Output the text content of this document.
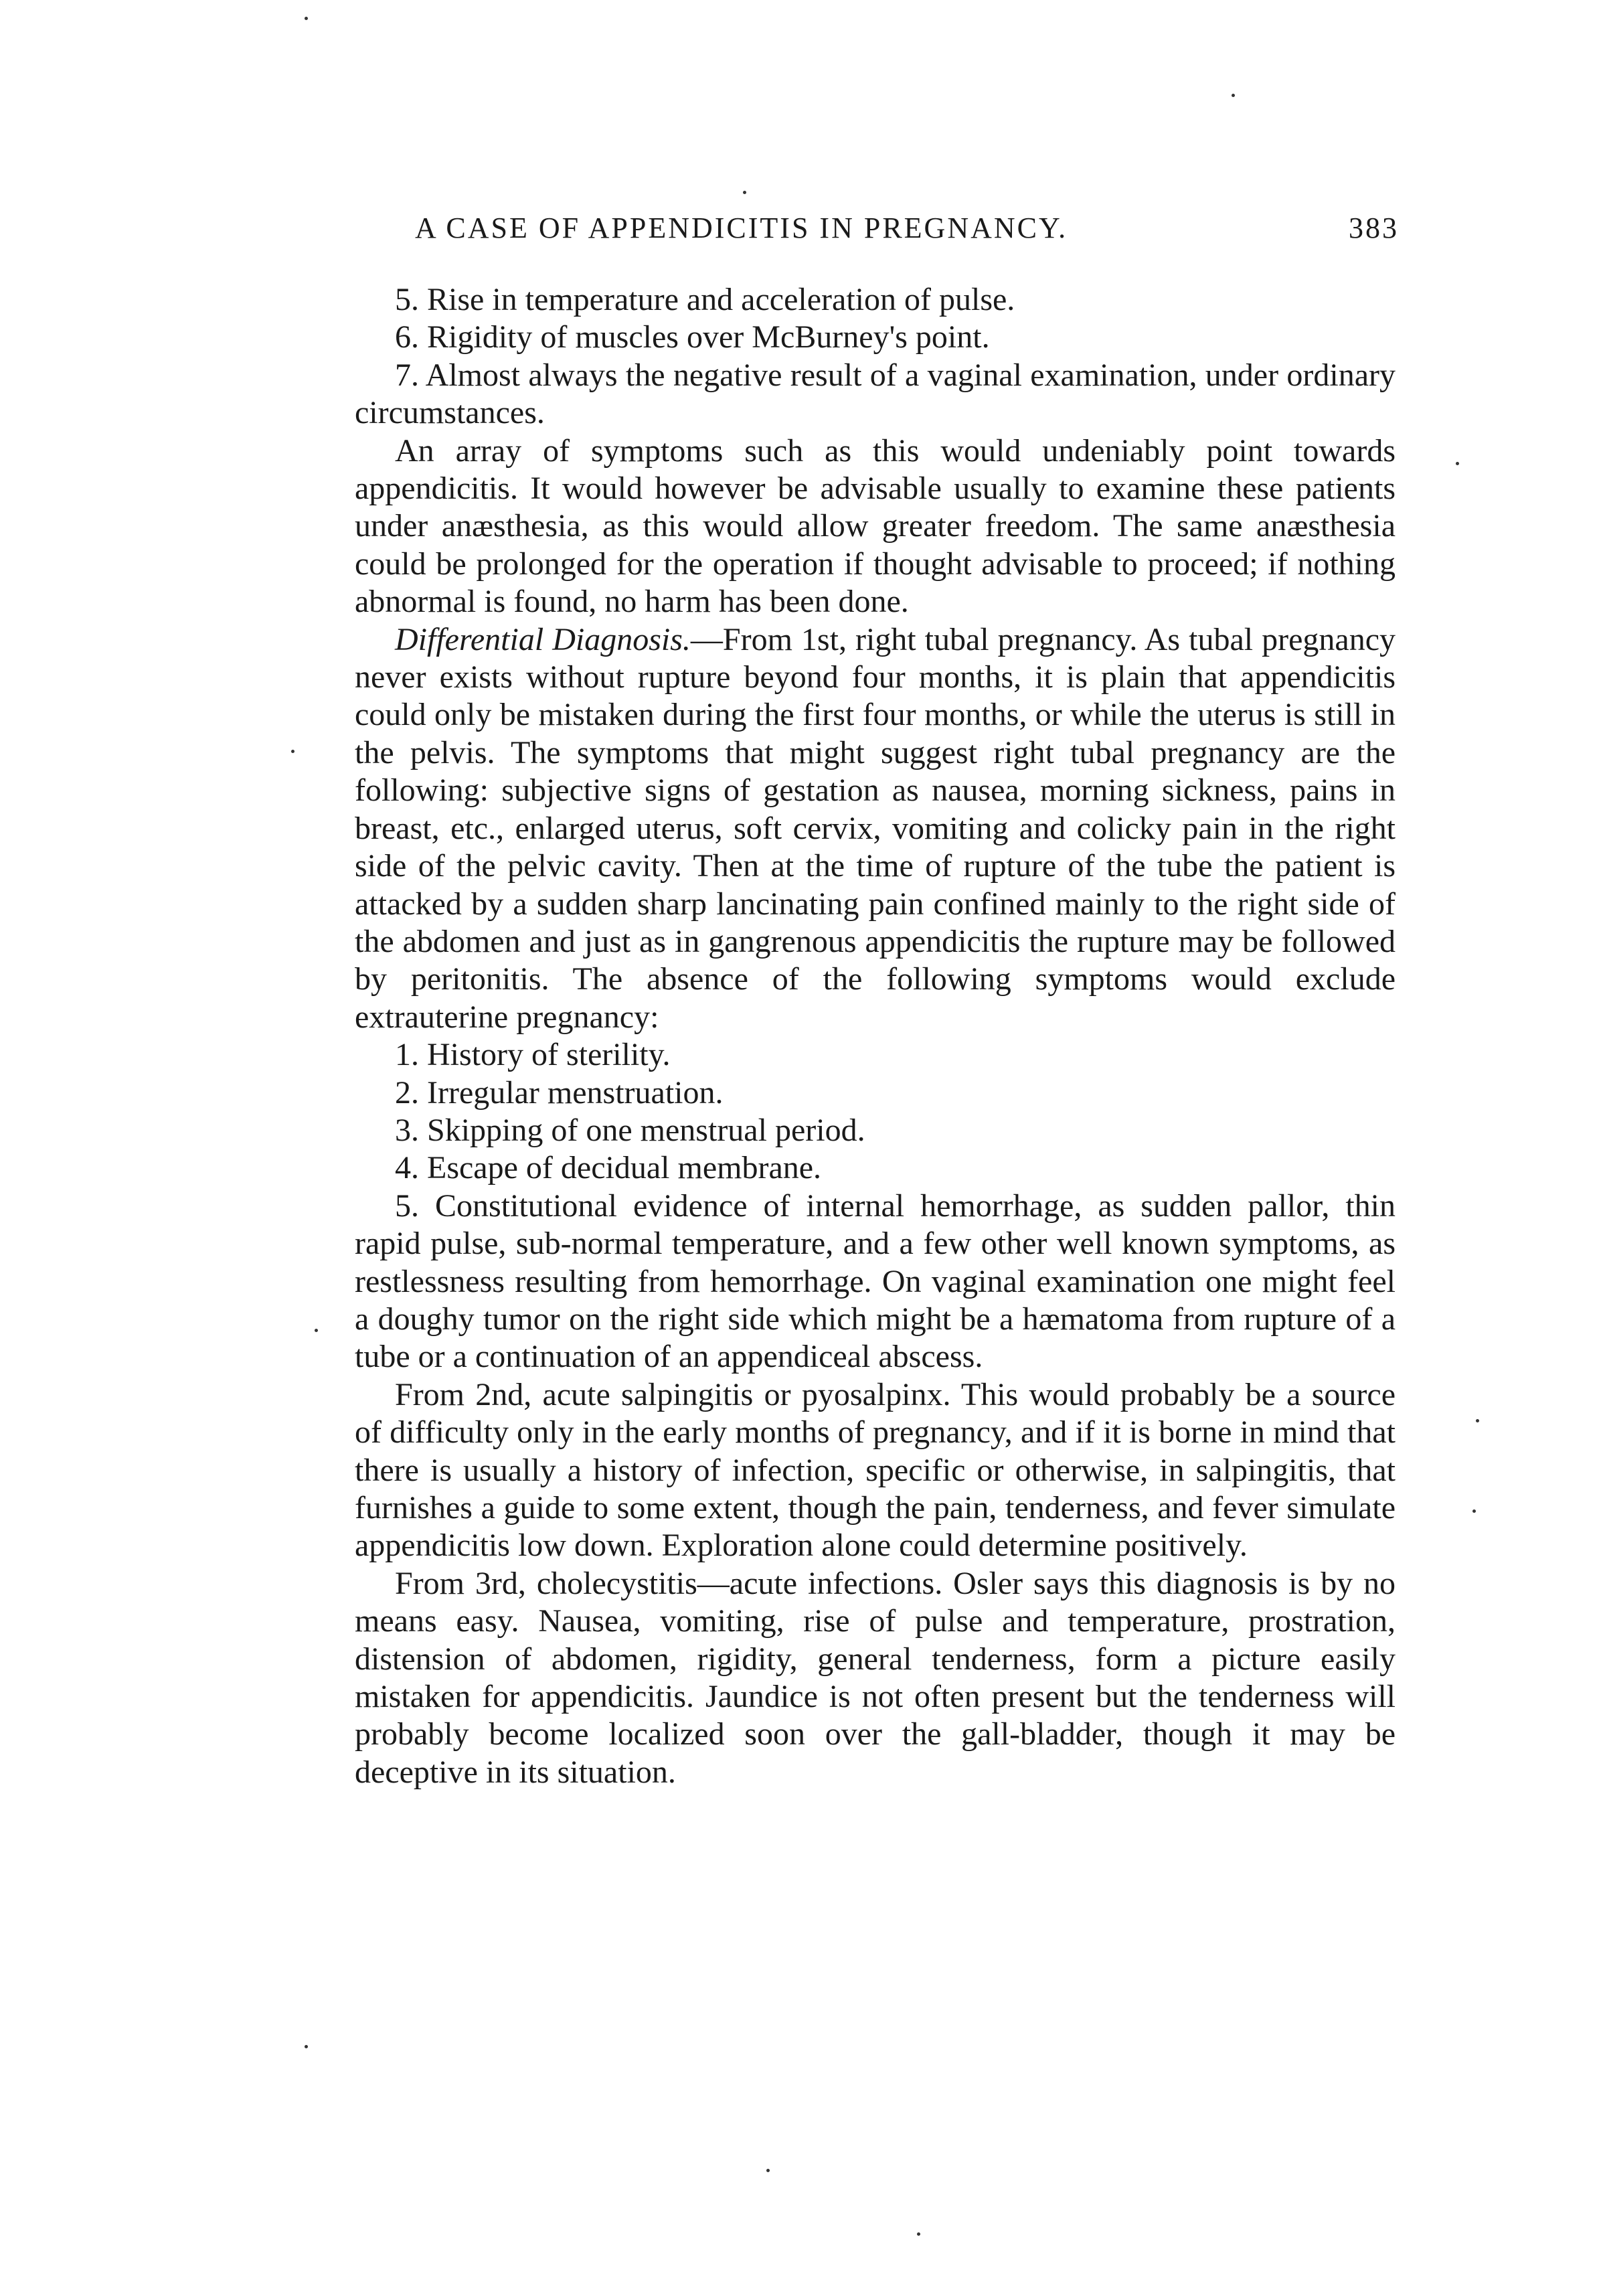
A CASE OF APPENDICITIS IN PREGNANCY.	383

5. Rise in temperature and acceleration of pulse.

6. Rigidity of muscles over McBurney's point.

7. Almost always the negative result of a vaginal examination, under ordinary circumstances.

An array of symptoms such as this would undeniably point towards appendicitis. It would however be advisable usually to examine these patients under anæsthesia, as this would allow greater freedom. The same anæsthesia could be prolonged for the operation if thought advisable to proceed; if nothing abnormal is found, no harm has been done.

Differential Diagnosis.—From 1st, right tubal pregnancy. As tubal pregnancy never exists without rupture beyond four months, it is plain that appendicitis could only be mistaken during the first four months, or while the uterus is still in the pelvis. The symptoms that might suggest right tubal pregnancy are the following: subjective signs of gestation as nausea, morning sickness, pains in breast, etc., enlarged uterus, soft cervix, vomiting and colicky pain in the right side of the pelvic cavity. Then at the time of rupture of the tube the patient is attacked by a sudden sharp lancinating pain confined mainly to the right side of the abdomen and just as in gangrenous appendicitis the rupture may be followed by peritonitis. The absence of the following symptoms would exclude extrauterine pregnancy:

1. History of sterility.

2. Irregular menstruation.

3. Skipping of one menstrual period.

4. Escape of decidual membrane.

5. Constitutional evidence of internal hemorrhage, as sudden pallor, thin rapid pulse, sub-normal temperature, and a few other well known symptoms, as restlessness resulting from hemorrhage. On vaginal examination one might feel a doughy tumor on the right side which might be a hæmatoma from rupture of a tube or a continuation of an appendiceal abscess.

From 2nd, acute salpingitis or pyosalpinx. This would probably be a source of difficulty only in the early months of pregnancy, and if it is borne in mind that there is usually a history of infection, specific or otherwise, in salpingitis, that furnishes a guide to some extent, though the pain, tenderness, and fever simulate appendicitis low down. Exploration alone could determine positively.

From 3rd, cholecystitis—acute infections. Osler says this diagnosis is by no means easy. Nausea, vomiting, rise of pulse and temperature, prostration, distension of abdomen, rigidity, general tenderness, form a picture easily mistaken for appendicitis. Jaundice is not often present but the tenderness will probably become localized soon over the gall-bladder, though it may be deceptive in its situation.
